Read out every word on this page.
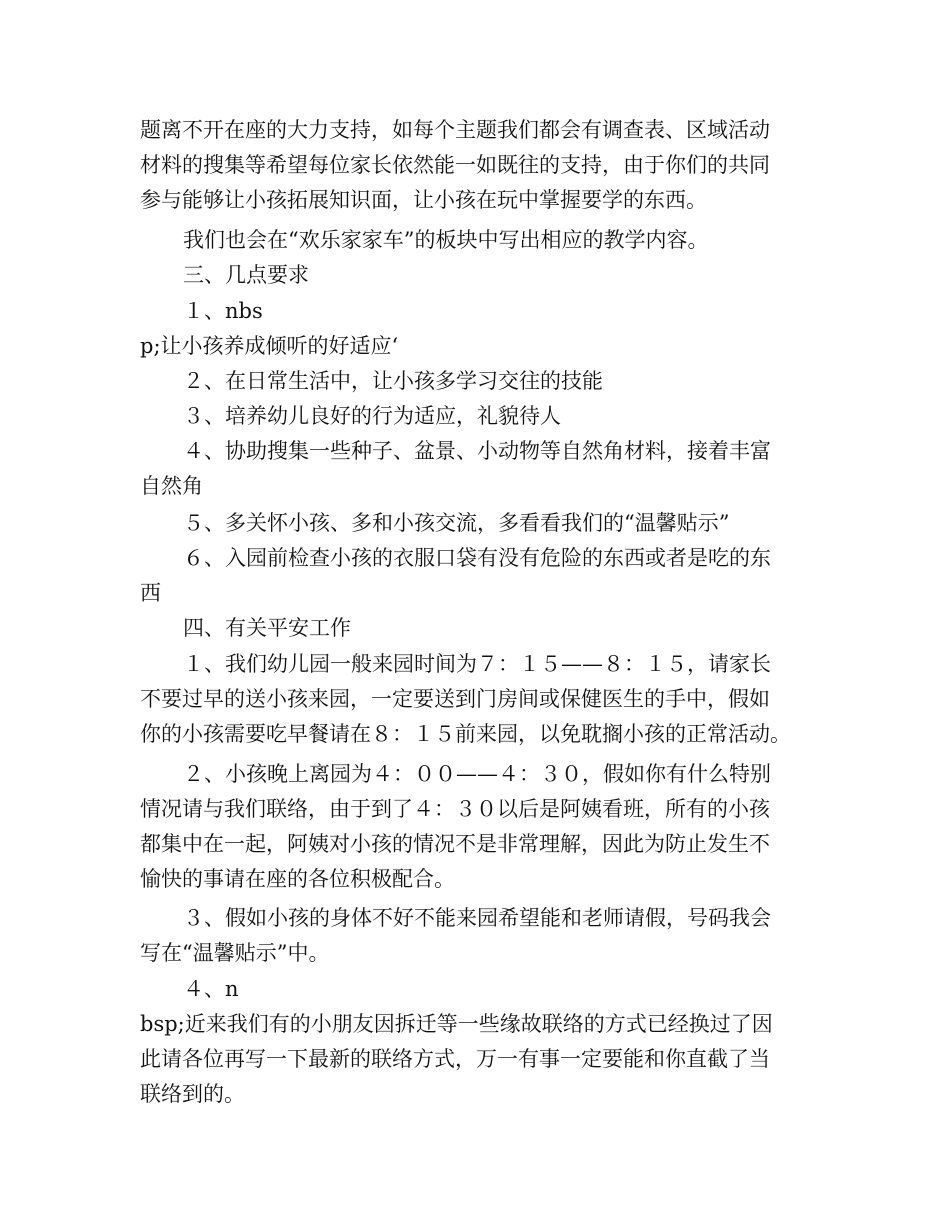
题离不开在座的大力支持，如每个主题我们都会有调查表、区域活动
材料的搜集等希望每位家长依然能一如既往的支持，由于你们的共同
参与能够让小孩拓展知识面，让小孩在玩中掌握要学的东西。
我们也会在“欢乐家家车”的板块中写出相应的教学内容。
三、几点要求
１、nbs
p;让小孩养成倾听的好适应‘
２、在日常生活中，让小孩多学习交往的技能
３、培养幼儿良好的行为适应，礼貌待人
４、协助搜集一些种子、盆景、小动物等自然角材料，接着丰富
自然角
５、多关怀小孩、多和小孩交流，多看看我们的“温馨贴示”
６、入园前检查小孩的衣服口袋有没有危险的东西或者是吃的东
西
四、有关平安工作
１、我们幼儿园一般来园时间为７：１５——８：１５，请家长
不要过早的送小孩来园，一定要送到门房间或保健医生的手中，假如
你的小孩需要吃早餐请在８：１５前来园，以免耽搁小孩的正常活动。
２、小孩晚上离园为４：００——４：３０，假如你有什么特别
情况请与我们联络，由于到了４：３０以后是阿姨看班，所有的小孩
都集中在一起，阿姨对小孩的情况不是非常理解，因此为防止发生不
愉快的事请在座的各位积极配合。
３、假如小孩的身体不好不能来园希望能和老师请假，号码我会
写在“温馨贴示”中。
４、n
bsp;近来我们有的小朋友因拆迁等一些缘故联络的方式已经换过了因
此请各位再写一下最新的联络方式，万一有事一定要能和你直截了当
联络到的。
